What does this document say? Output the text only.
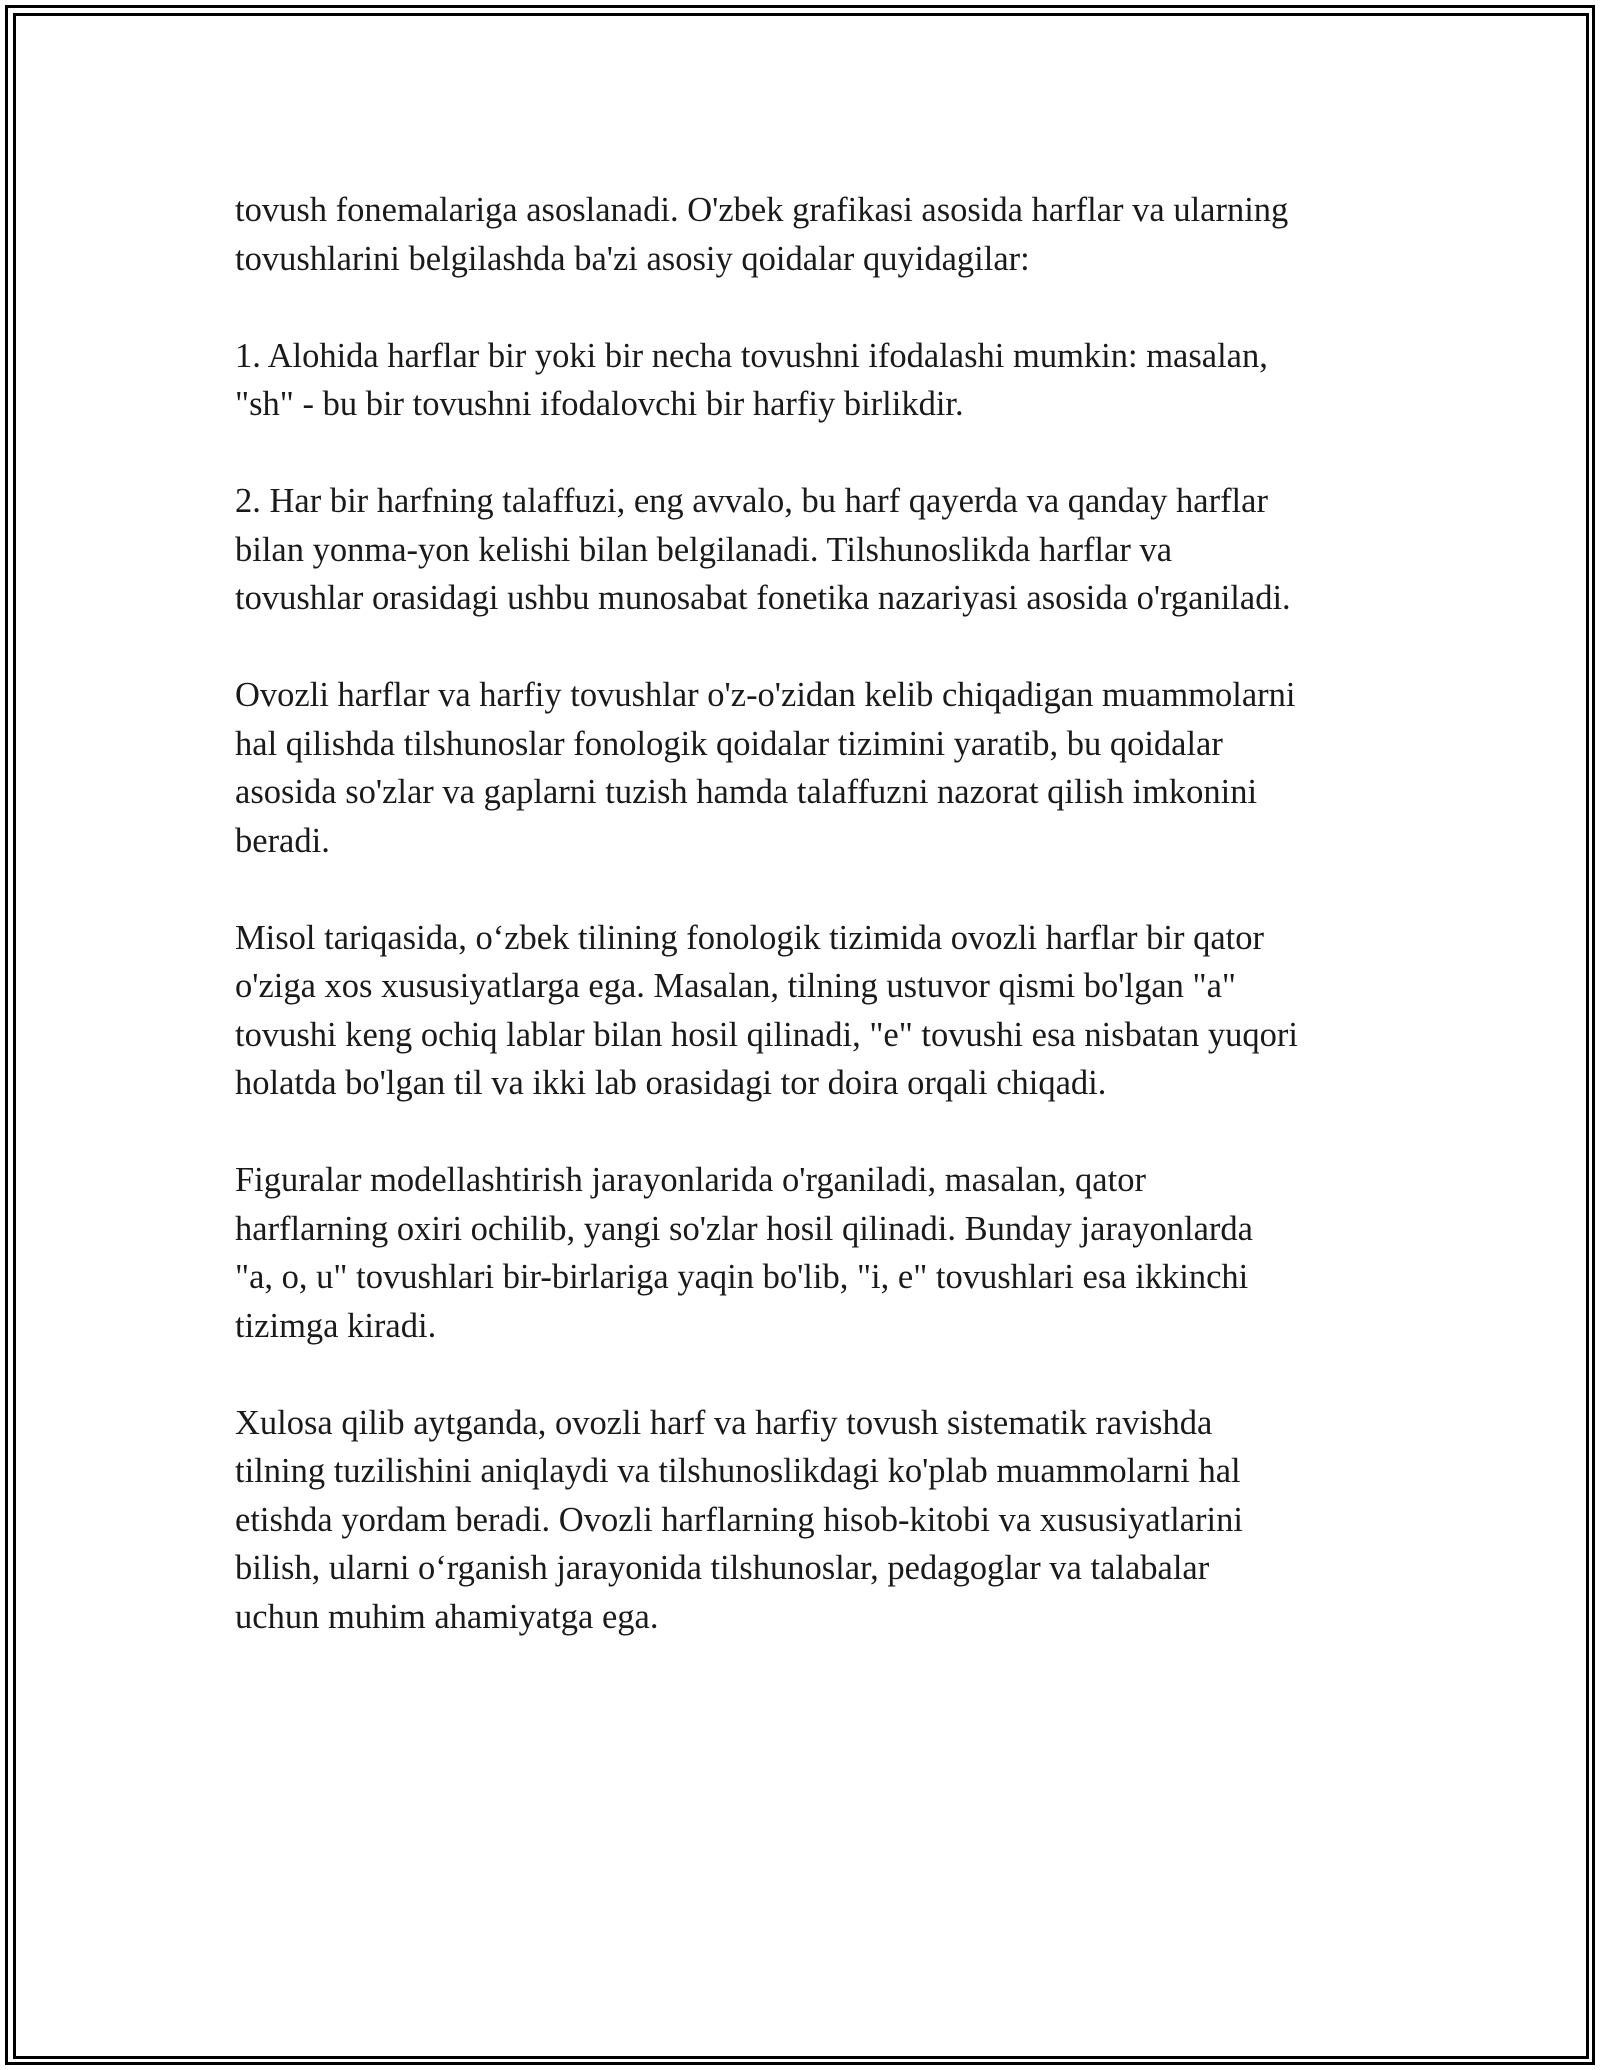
tovush fonemalariga asoslanadi. O'zbek grafikasi asosida harflar va ularning
tovushlarini belgilashda ba'zi asosiy qoidalar quyidagilar:

1. Alohida harflar bir yoki bir necha tovushni ifodalashi mumkin: masalan,
"sh" - bu bir tovushni ifodalovchi bir harfiy birlikdir.

2. Har bir harfning talaffuzi, eng avvalo, bu harf qayerda va qanday harflar
bilan yonma-yon kelishi bilan belgilanadi. Tilshunoslikda harflar va
tovushlar orasidagi ushbu munosabat fonetika nazariyasi asosida o'rganiladi.

Ovozli harflar va harfiy tovushlar o'z-o'zidan kelib chiqadigan muammolarni
hal qilishda tilshunoslar fonologik qoidalar tizimini yaratib, bu qoidalar
asosida so'zlar va gaplarni tuzish hamda talaffuzni nazorat qilish imkonini
beradi.

Misol tariqasida, o‘zbek tilining fonologik tizimida ovozli harflar bir qator
o'ziga xos xususiyatlarga ega. Masalan, tilning ustuvor qismi bo'lgan "a"
tovushi keng ochiq lablar bilan hosil qilinadi, "e" tovushi esa nisbatan yuqori
holatda bo'lgan til va ikki lab orasidagi tor doira orqali chiqadi.

Figuralar modellashtirish jarayonlarida o'rganiladi, masalan, qator
harflarning oxiri ochilib, yangi so'zlar hosil qilinadi. Bunday jarayonlarda
"a, o, u" tovushlari bir-birlariga yaqin bo'lib, "i, e" tovushlari esa ikkinchi
tizimga kiradi.

Xulosa qilib aytganda, ovozli harf va harfiy tovush sistematik ravishda
tilning tuzilishini aniqlaydi va tilshunoslikdagi ko'plab muammolarni hal
etishda yordam beradi. Ovozli harflarning hisob-kitobi va xususiyatlarini
bilish, ularni o‘rganish jarayonida tilshunoslar, pedagoglar va talabalar
uchun muhim ahamiyatga ega.
